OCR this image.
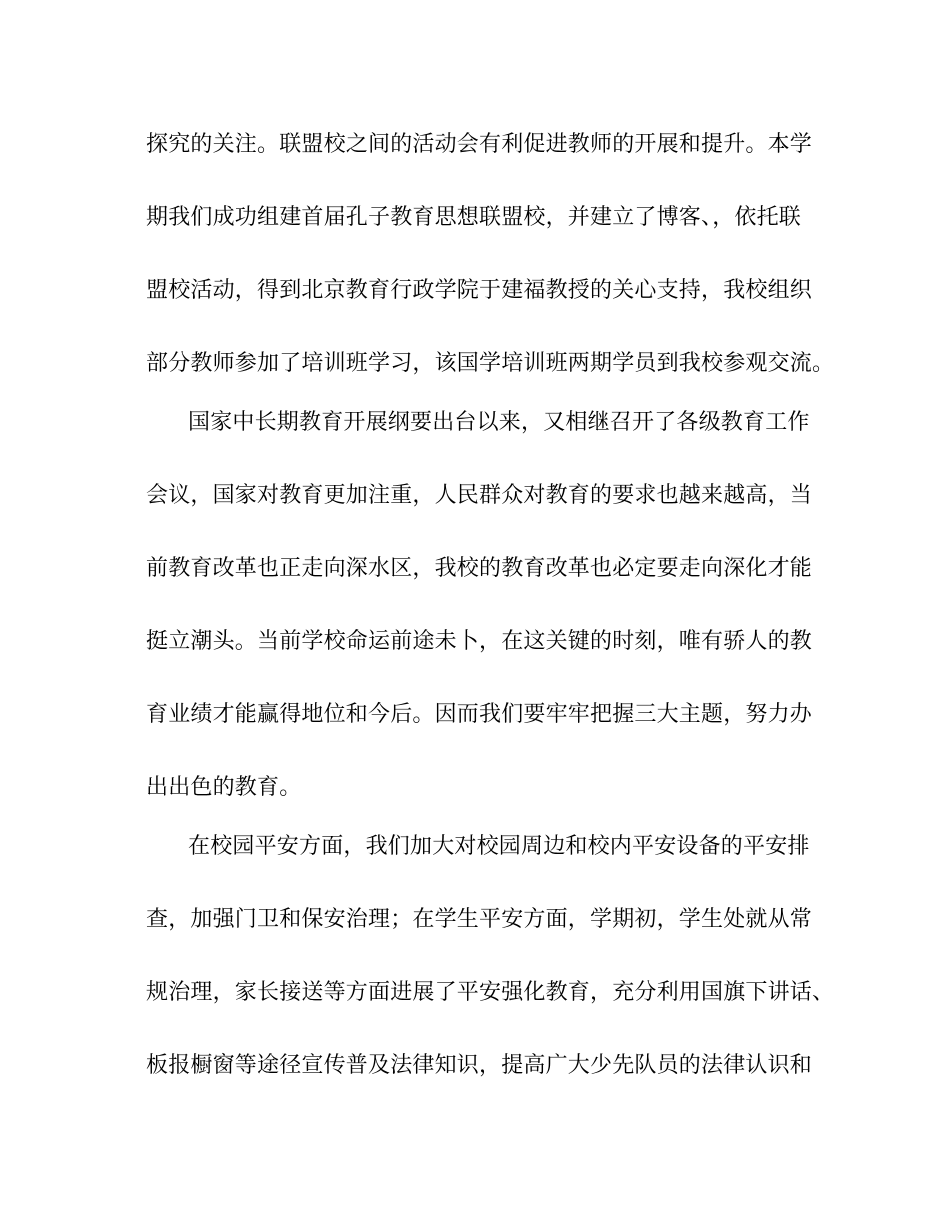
探究的关注。联盟校之间的活动会有利促进教师的开展和提升。本学
期我们成功组建首届孔子教育思想联盟校，并建立了博客、，依托联
盟校活动，得到北京教育行政学院于建福教授的关心支持，我校组织
部分教师参加了培训班学习，该国学培训班两期学员到我校参观交流。
国家中长期教育开展纲要出台以来，又相继召开了各级教育工作
会议，国家对教育更加注重，人民群众对教育的要求也越来越高，当
前教育改革也正走向深水区，我校的教育改革也必定要走向深化才能
挺立潮头。当前学校命运前途未卜，在这关键的时刻，唯有骄人的教
育业绩才能赢得地位和今后。因而我们要牢牢把握三大主题，努力办
出出色的教育。
在校园平安方面，我们加大对校园周边和校内平安设备的平安排
查，加强门卫和保安治理；在学生平安方面，学期初，学生处就从常
规治理，家长接送等方面进展了平安强化教育，充分利用国旗下讲话、
板报橱窗等途径宣传普及法律知识，提高广大少先队员的法律认识和
